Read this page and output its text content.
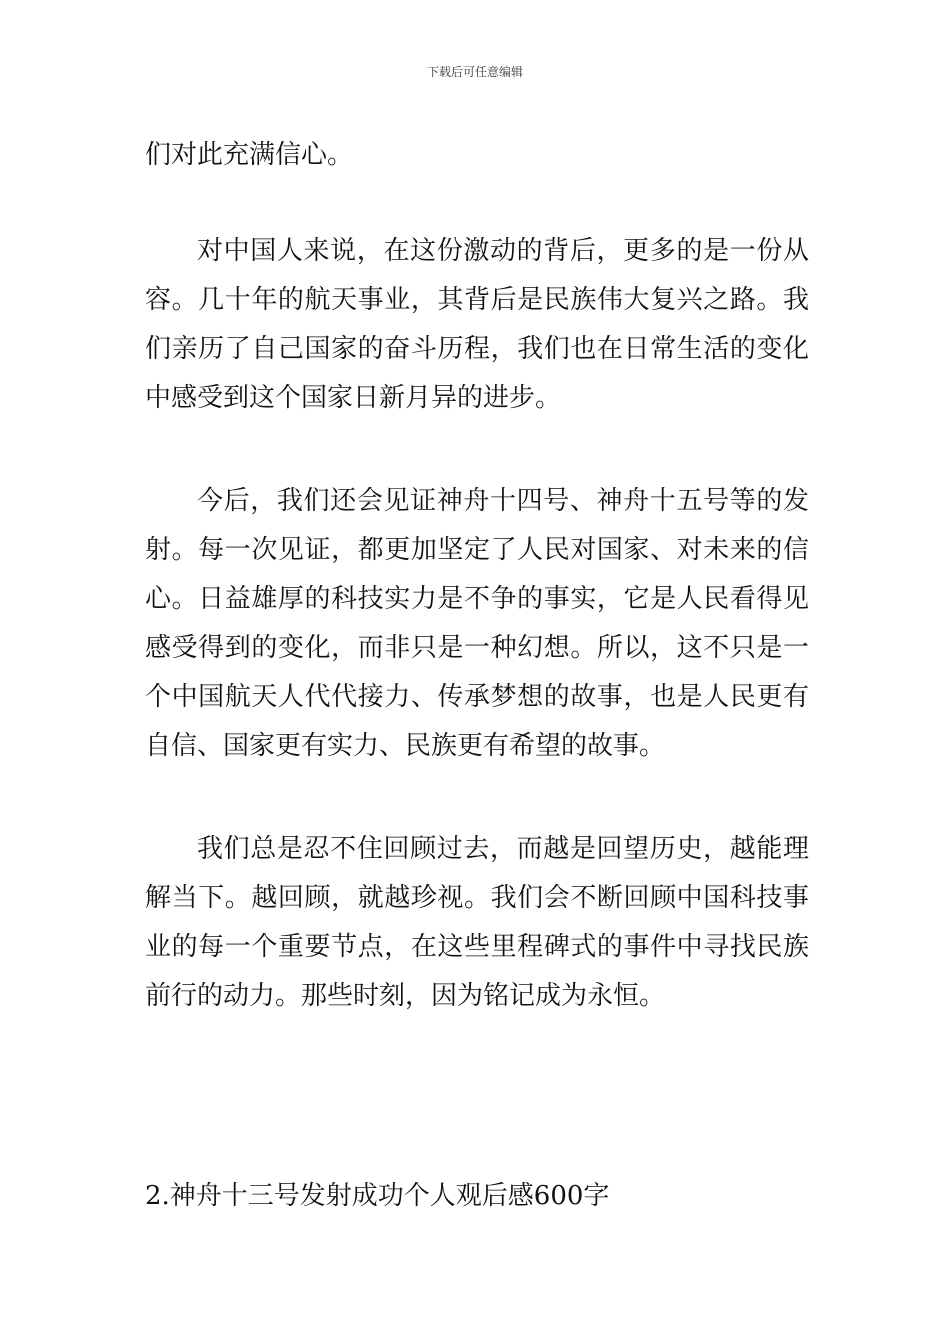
下载后可任意编辑

们对此充满信心。

对中国人来说，在这份激动的背后，更多的是一份从容。几十年的航天事业，其背后是民族伟大复兴之路。我们亲历了自己国家的奋斗历程，我们也在日常生活的变化中感受到这个国家日新月异的进步。

今后，我们还会见证神舟十四号、神舟十五号等的发射。每一次见证，都更加坚定了人民对国家、对未来的信心。日益雄厚的科技实力是不争的事实，它是人民看得见感受得到的变化，而非只是一种幻想。所以，这不只是一个中国航天人代代接力、传承梦想的故事，也是人民更有自信、国家更有实力、民族更有希望的故事。

我们总是忍不住回顾过去，而越是回望历史，越能理解当下。越回顾，就越珍视。我们会不断回顾中国科技事业的每一个重要节点，在这些里程碑式的事件中寻找民族前行的动力。那些时刻，因为铭记成为永恒。

2.神舟十三号发射成功个人观后感600字
